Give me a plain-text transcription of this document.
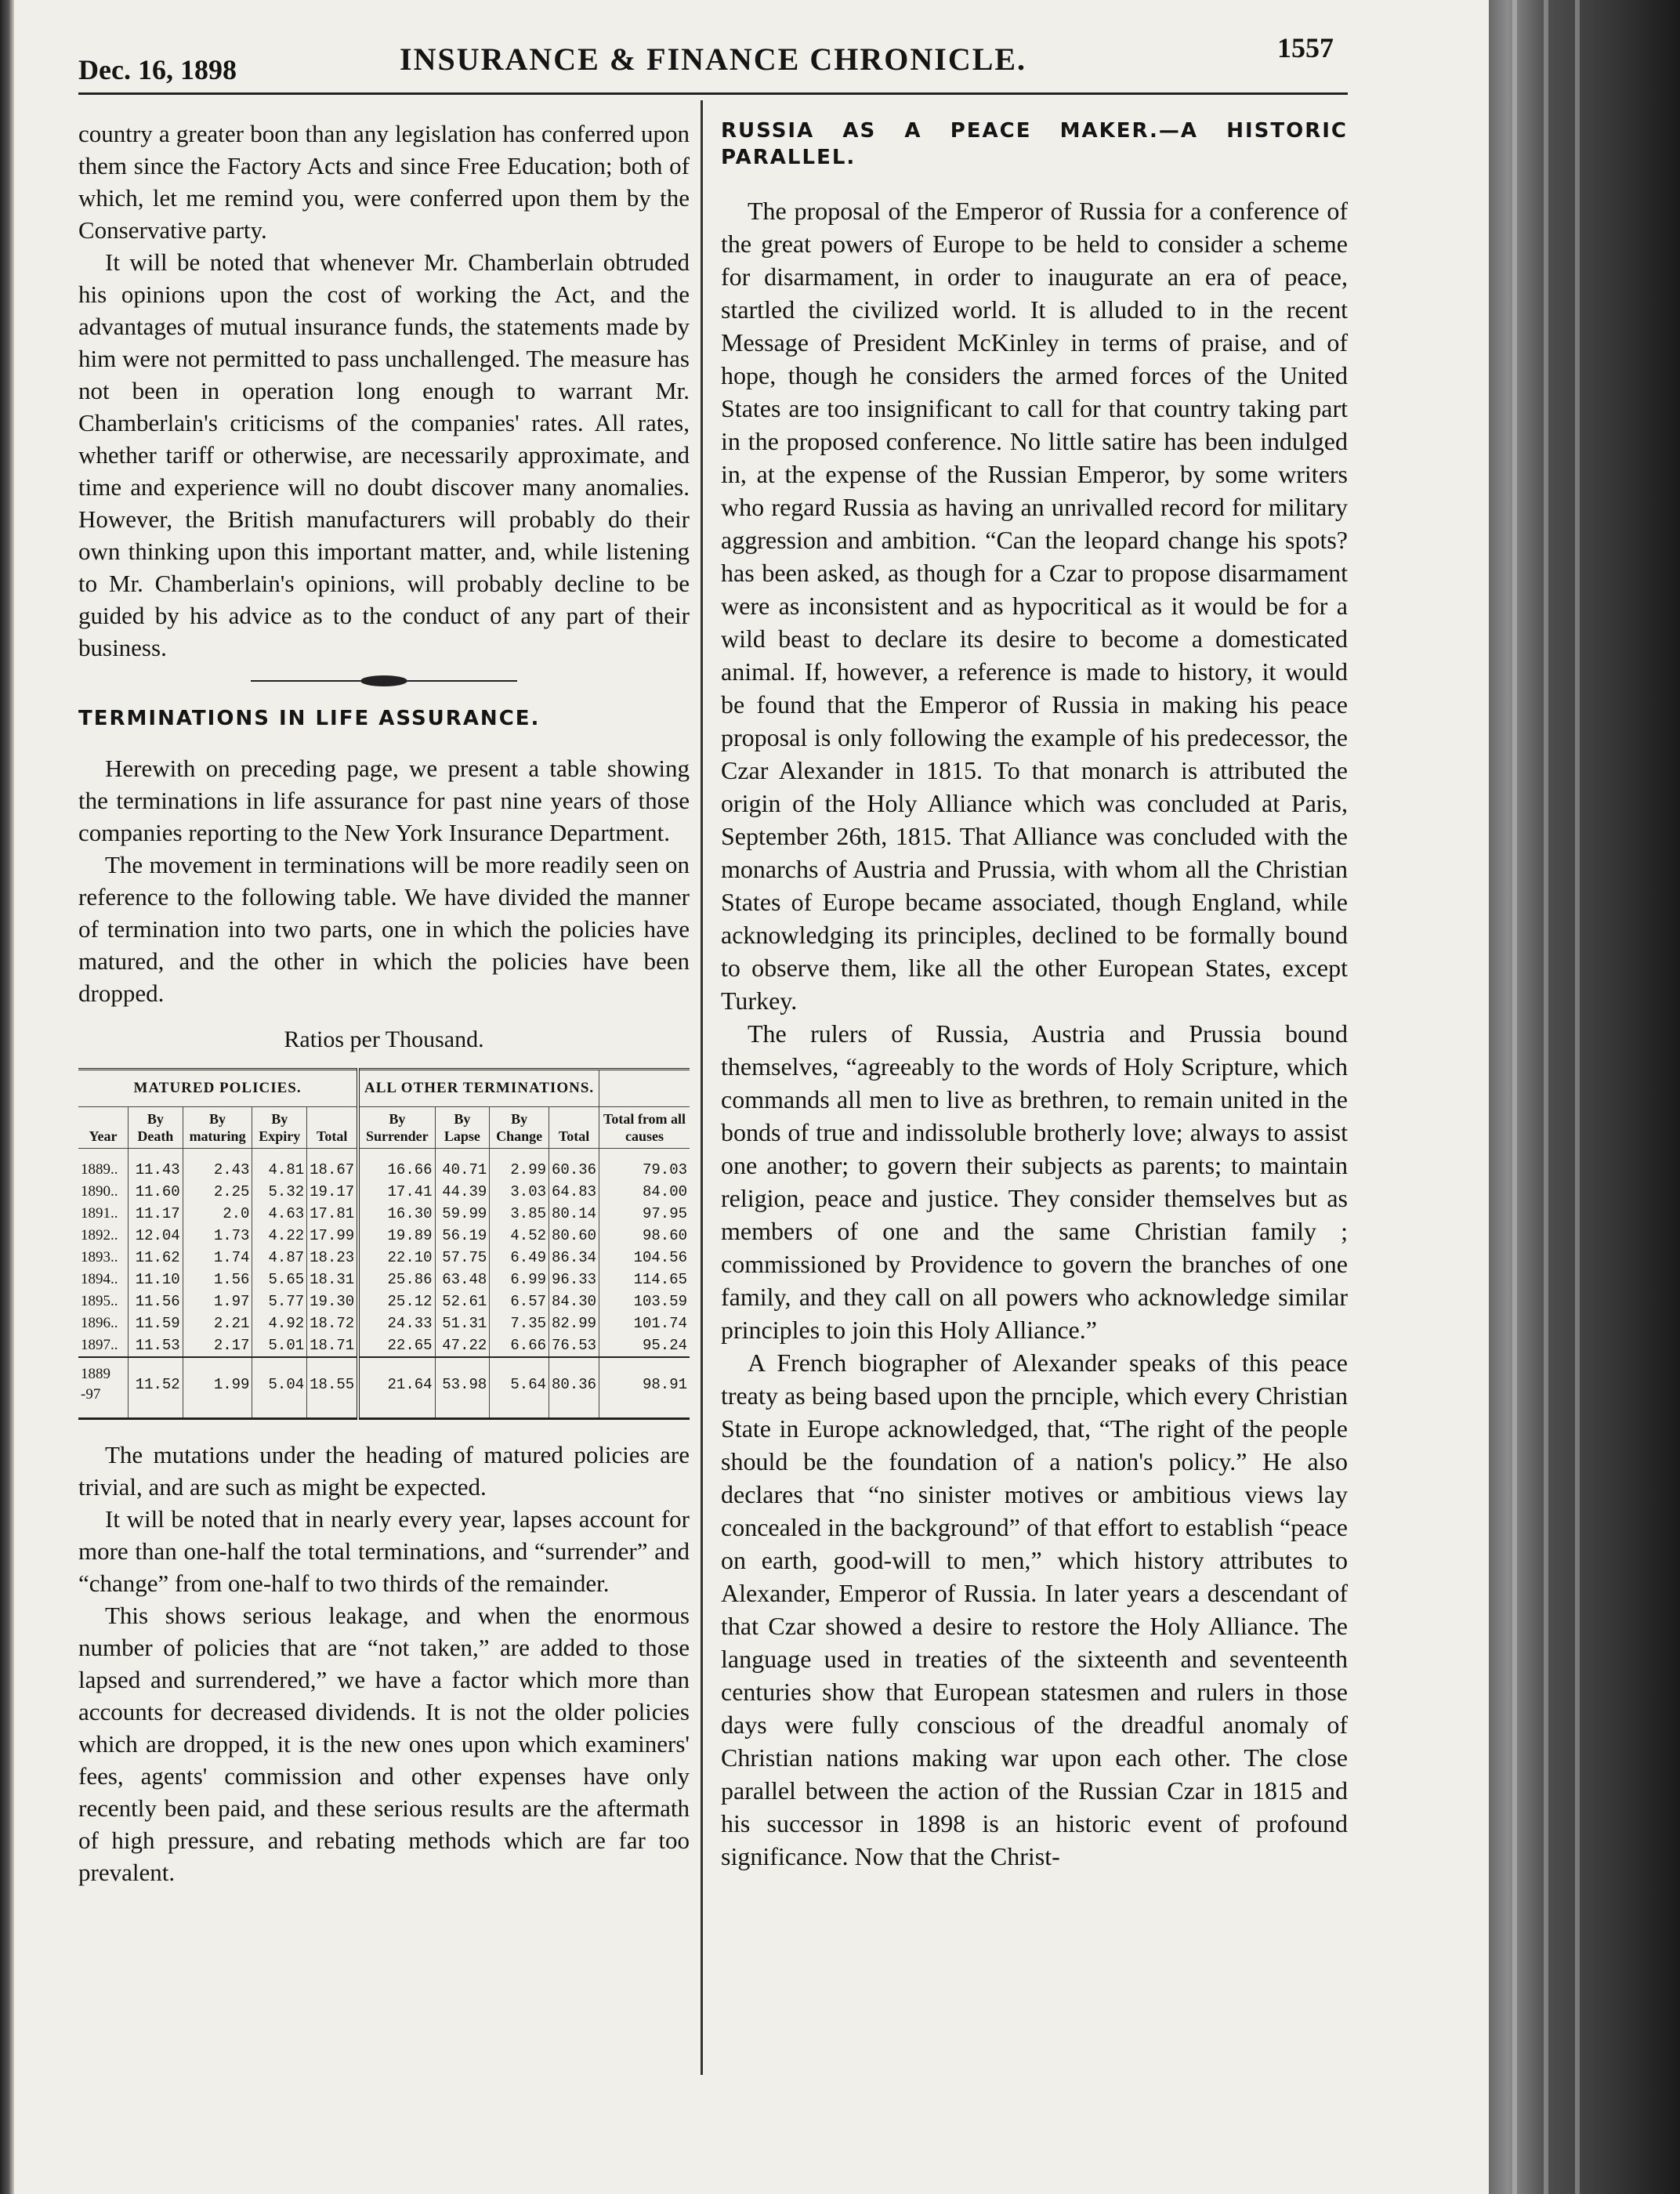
Dec. 16, 1898	INSURANCE & FINANCE CHRONICLE.	1557

country a greater boon than any legislation has conferred upon them since the Factory Acts and since Free Education; both of which, let me remind you, were conferred upon them by the Conservative party.

It will be noted that whenever Mr. Chamberlain obtruded his opinions upon the cost of working the Act, and the advantages of mutual insurance funds, the statements made by him were not permitted to pass unchallenged. The measure has not been in operation long enough to warrant Mr. Chamberlain's criticisms of the companies' rates. All rates, whether tariff or otherwise, are necessarily approximate, and time and experience will no doubt discover many anomalies. However, the British manufacturers will probably do their own thinking upon this important matter, and, while listening to Mr. Chamberlain's opinions, will probably decline to be guided by his advice as to the conduct of any part of their business.

TERMINATIONS IN LIFE ASSURANCE.

Herewith on preceding page, we present a table showing the terminations in life assurance for past nine years of those companies reporting to the New York Insurance Department.

The movement in terminations will be more readily seen on reference to the following table. We have divided the manner of termination into two parts, one in which the policies have matured, and the other in which the policies have been dropped.

Ratios per Thousand.
MATURED POLICIES.					ALL OTHER TERMINATIONS.				
Year	By Death	By maturing	By Expiry	Total	By Surrender	By Lapse	By Change	Total	Total from all causes
1889..	11.43	2.43	4.81	18.67	16.66	40.71	2.99	60.36	79.03
1890..	11.60	2.25	5.32	19.17	17.41	44.39	3.03	64.83	84.00
1891..	11.17	2.0	4.63	17.81	16.30	59.99	3.85	80.14	97.95
1892..	12.04	1.73	4.22	17.99	19.89	56.19	4.52	80.60	98.60
1893..	11.62	1.74	4.87	18.23	22.10	57.75	6.49	86.34	104.56
1894..	11.10	1.56	5.65	18.31	25.86	63.48	6.99	96.33	114.65
1895..	11.56	1.97	5.77	19.30	25.12	52.61	6.57	84.30	103.59
1896..	11.59	2.21	4.92	18.72	24.33	51.31	7.35	82.99	101.74
1897..	11.53	2.17	5.01	18.71	22.65	47.22	6.66	76.53	95.24
1889 -97	11.52	1.99	5.04	18.55	21.64	53.98	5.64	80.36	98.91

The mutations under the heading of matured policies are trivial, and are such as might be expected.

It will be noted that in nearly every year, lapses account for more than one-half the total terminations, and “surrender” and “change” from one-half to two thirds of the remainder.

This shows serious leakage, and when the enormous number of policies that are “not taken,” are added to those lapsed and surrendered,” we have a factor which more than accounts for decreased dividends. It is not the older policies which are dropped, it is the new ones upon which examiners' fees, agents' commission and other expenses have only recently been paid, and these serious results are the aftermath of high pressure, and rebating methods which are far too prevalent.

RUSSIA AS A PEACE MAKER.—A HISTORIC PARALLEL.

The proposal of the Emperor of Russia for a conference of the great powers of Europe to be held to consider a scheme for disarmament, in order to inaugurate an era of peace, startled the civilized world. It is alluded to in the recent Message of President McKinley in terms of praise, and of hope, though he considers the armed forces of the United States are too insignificant to call for that country taking part in the proposed conference. No little satire has been indulged in, at the expense of the Russian Emperor, by some writers who regard Russia as having an unrivalled record for military aggression and ambition. “Can the leopard change his spots? has been asked, as though for a Czar to propose disarmament were as inconsistent and as hypocritical as it would be for a wild beast to declare its desire to become a domesticated animal. If, however, a reference is made to history, it would be found that the Emperor of Russia in making his peace proposal is only following the example of his predecessor, the Czar Alexander in 1815. To that monarch is attributed the origin of the Holy Alliance which was concluded at Paris, September 26th, 1815. That Alliance was concluded with the monarchs of Austria and Prussia, with whom all the Christian States of Europe became associated, though England, while acknowledging its principles, declined to be formally bound to observe them, like all the other European States, except Turkey.

The rulers of Russia, Austria and Prussia bound themselves, “agreeably to the words of Holy Scripture, which commands all men to live as brethren, to remain united in the bonds of true and indissoluble brotherly love; always to assist one another; to govern their subjects as parents; to maintain religion, peace and justice. They consider themselves but as members of one and the same Christian family ; commissioned by Providence to govern the branches of one family, and they call on all powers who acknowledge similar principles to join this Holy Alliance.”

A French biographer of Alexander speaks of this peace treaty as being based upon the prnciple, which every Christian State in Europe acknowledged, that, “The right of the people should be the foundation of a nation's policy.” He also declares that “no sinister motives or ambitious views lay concealed in the background” of that effort to establish “peace on earth, good-will to men,” which history attributes to Alexander, Emperor of Russia. In later years a descendant of that Czar showed a desire to restore the Holy Alliance. The language used in treaties of the sixteenth and seventeenth centuries show that European statesmen and rulers in those days were fully conscious of the dreadful anomaly of Christian nations making war upon each other. The close parallel between the action of the Russian Czar in 1815 and his successor in 1898 is an historic event of profound significance. Now that the Christ-
